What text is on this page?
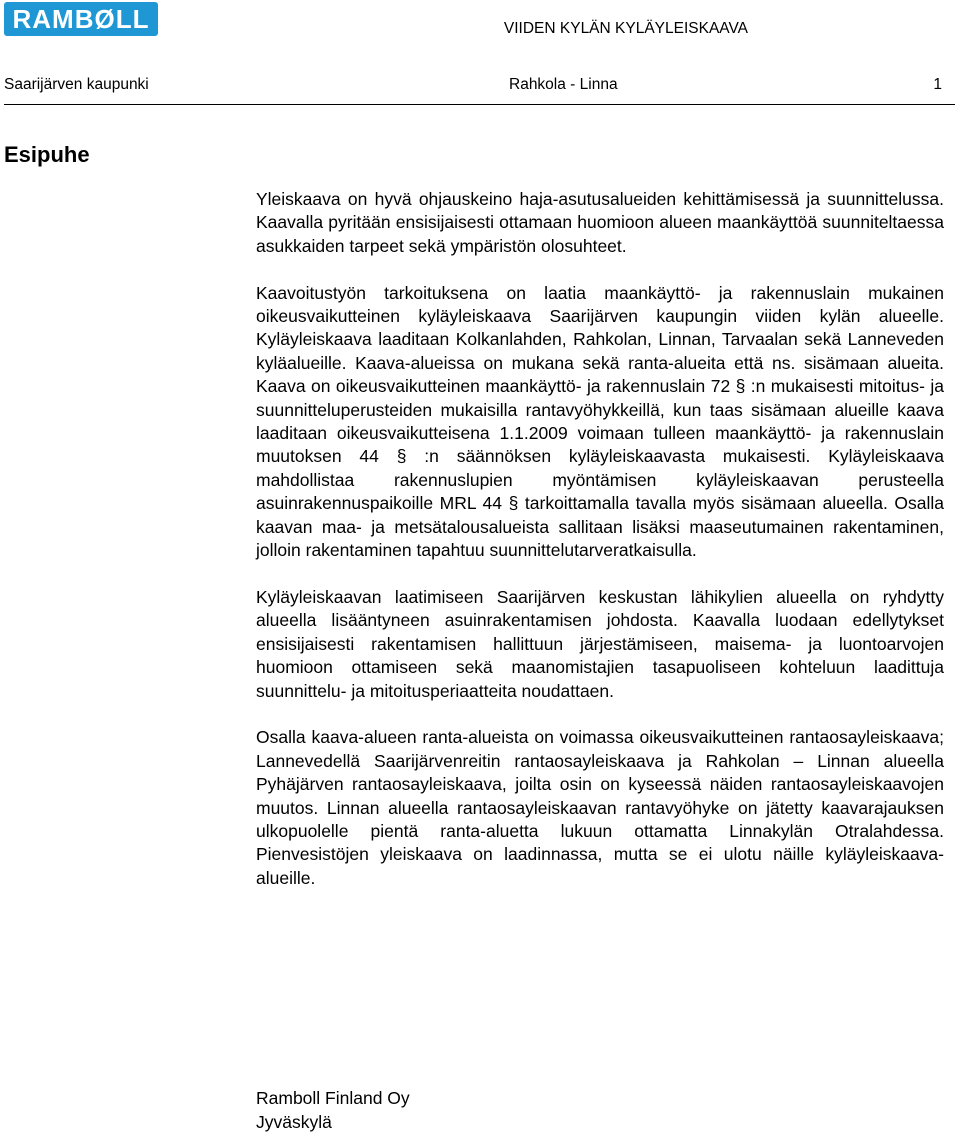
RAMBØLL	VIIDEN KYLÄN KYLÄYLEISKAAVA
Saarijärven kaupunki	Rahkola - Linna	1
Esipuhe

Yleiskaava on hyvä ohjauskeino haja-asutusalueiden kehittämisessä ja suunnittelussa. Kaavalla pyritään ensisijaisesti ottamaan huomioon alueen maankäyttöä suunniteltaessa asukkaiden tarpeet sekä ympäristön olosuhteet.

Kaavoitustyön tarkoituksena on laatia maankäyttö- ja rakennuslain mukainen oikeusvaikutteinen kyläyleiskaava Saarijärven kaupungin viiden kylän alueelle. Kyläyleiskaava laaditaan Kolkanlahden, Rahkolan, Linnan, Tarvaalan sekä Lanneveden kyläalueille. Kaava-alueissa on mukana sekä ranta-alueita että ns. sisämaan alueita. Kaava on oikeusvaikutteinen maankäyttö- ja rakennuslain 72 § :n mukaisesti mitoitus- ja suunnitteluperusteiden mukaisilla rantavyöhykkeillä, kun taas sisämaan alueille kaava laaditaan oikeusvaikutteisena 1.1.2009 voimaan tulleen maankäyttö- ja rakennuslain muutoksen 44 § :n säännöksen kyläyleiskaavasta mukaisesti. Kyläyleiskaava mahdollistaa rakennuslupien myöntämisen kyläyleiskaavan perusteella asuinrakennuspaikoille MRL 44 § tarkoittamalla tavalla myös sisämaan alueella. Osalla kaavan maa- ja metsätalousalueista sallitaan lisäksi maaseutumainen rakentaminen, jolloin rakentaminen tapahtuu suunnittelutarveratkaisulla.

Kyläyleiskaavan laatimiseen Saarijärven keskustan lähikylien alueella on ryhdytty alueella lisääntyneen asuinrakentamisen johdosta. Kaavalla luodaan edellytykset ensisijaisesti rakentamisen hallittuun järjestämiseen, maisema- ja luontoarvojen huomioon ottamiseen sekä maanomistajien tasapuoliseen kohteluun laadittuja suunnittelu- ja mitoitusperiaatteita noudattaen.

Osalla kaava-alueen ranta-alueista on voimassa oikeusvaikutteinen rantaosayleiskaava; Lannevedellä Saarijärvenreitin rantaosayleiskaava ja Rahkolan – Linnan alueella Pyhäjärven rantaosayleiskaava, joilta osin on kyseessä näiden rantaosayleiskaavojen muutos. Linnan alueella rantaosayleiskaavan rantavyöhyke on jätetty kaavarajauksen ulkopuolelle pientä ranta-aluetta lukuun ottamatta Linnakylän Otralahdessa. Pienvesistöjen yleiskaava on laadinnassa, mutta se ei ulotu näille kyläyleiskaava-alueille.

Ramboll Finland Oy
Jyväskylä
